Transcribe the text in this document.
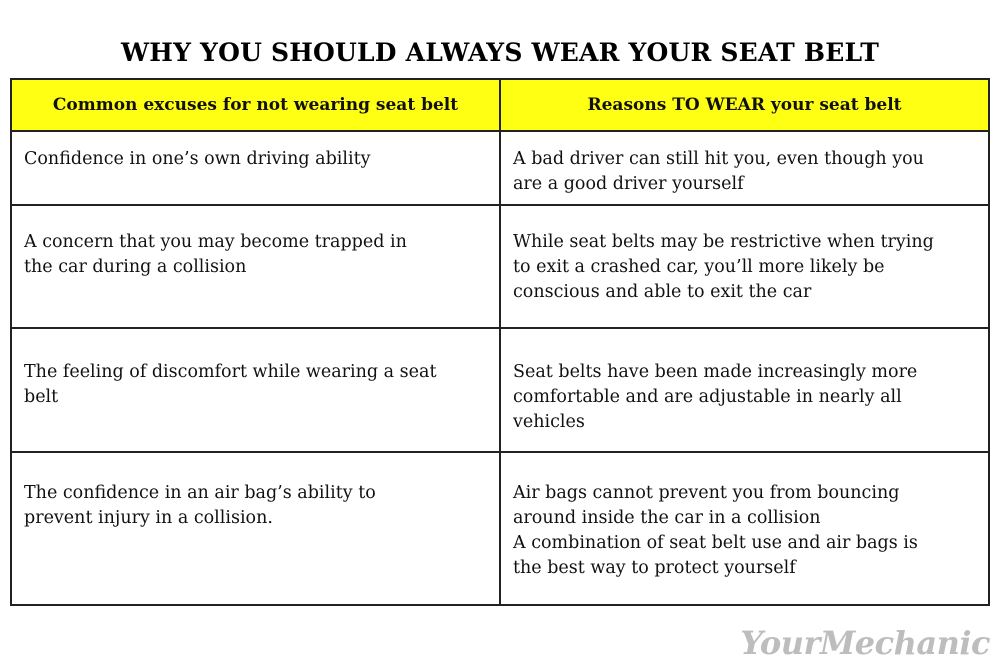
WHY YOU SHOULD ALWAYS WEAR YOUR SEAT BELT
Common excuses for not wearing seat belt	Reasons TO WEAR your seat belt

Confidence in one’s own driving ability	A bad driver can still hit you, even though you
are a good driver yourself

A concern that you may become trapped in
the car during a collision	While seat belts may be restrictive when trying
to exit a crashed car, you’ll more likely be
conscious and able to exit the car

The feeling of discomfort while wearing a seat
belt	Seat belts have been made increasingly more
comfortable and are adjustable in nearly all
vehicles

The confidence in an air bag’s ability to
prevent injury in a collision.	Air bags cannot prevent you from bouncing
around inside the car in a collision
A combination of seat belt use and air bags is
the best way to protect yourself
YourMechanic
